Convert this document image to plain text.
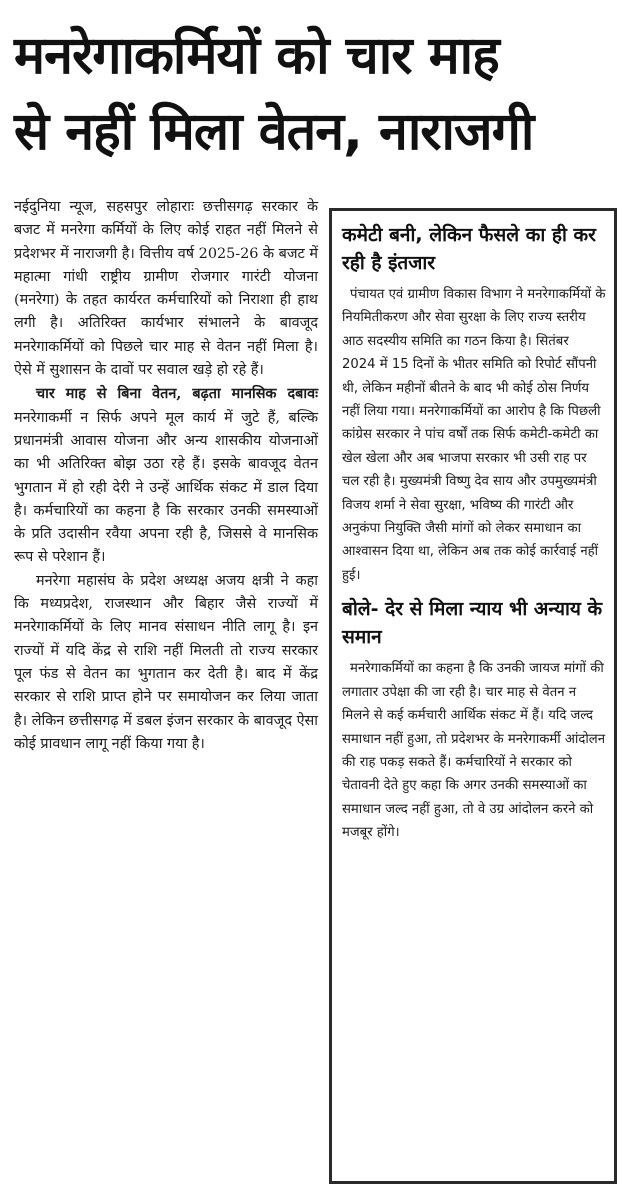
मनरेगाकर्मियों को चार माह
से नहीं मिला वेतन, नाराजगी

नईदुनिया न्यूज, सहसपुर लोहाराः छत्तीसगढ़ सरकार के बजट में मनरेगा कर्मियों के लिए कोई राहत नहीं मिलने से प्रदेशभर में नाराजगी है। वित्तीय वर्ष 2025-26 के बजट में महात्मा गांधी राष्ट्रीय ग्रामीण रोजगार गारंटी योजना (मनरेगा) के तहत कार्यरत कर्मचारियों को निराशा ही हाथ लगी है। अतिरिक्त कार्यभार संभालने के बावजूद मनरेगाकर्मियों को पिछले चार माह से वेतन नहीं मिला है। ऐसे में सुशासन के दावों पर सवाल खड़े हो रहे हैं।

चार माह से बिना वेतन, बढ़ता मानसिक दबावः मनरेगाकर्मी न सिर्फ अपने मूल कार्य में जुटे हैं, बल्कि प्रधानमंत्री आवास योजना और अन्य शासकीय योजनाओं का भी अतिरिक्त बोझ उठा रहे हैं। इसके बावजूद वेतन भुगतान में हो रही देरी ने उन्हें आर्थिक संकट में डाल दिया है। कर्मचारियों का कहना है कि सरकार उनकी समस्याओं के प्रति उदासीन रवैया अपना रही है, जिससे वे मानसिक रूप से परेशान हैं।

मनरेगा महासंघ के प्रदेश अध्यक्ष अजय क्षत्री ने कहा कि मध्यप्रदेश, राजस्थान और बिहार जैसे राज्यों में मनरेगाकर्मियों के लिए मानव संसाधन नीति लागू है। इन राज्यों में यदि केंद्र से राशि नहीं मिलती तो राज्य सरकार पूल फंड से वेतन का भुगतान कर देती है। बाद में केंद्र सरकार से राशि प्राप्त होने पर समायोजन कर लिया जाता है। लेकिन छत्तीसगढ़ में डबल इंजन सरकार के बावजूद ऐसा कोई प्रावधान लागू नहीं किया गया है।

कमेटी बनी, लेकिन फैसले का ही कर रही है इंतजार

पंचायत एवं ग्रामीण विकास विभाग ने मनरेगाकर्मियों के नियमितीकरण और सेवा सुरक्षा के लिए राज्य स्तरीय आठ सदस्यीय समिति का गठन किया है। सितंबर 2024 में 15 दिनों के भीतर समिति को रिपोर्ट सौंपनी थी, लेकिन महीनों बीतने के बाद भी कोई ठोस निर्णय नहीं लिया गया। मनरेगाकर्मियों का आरोप है कि पिछली कांग्रेस सरकार ने पांच वर्षों तक सिर्फ कमेटी-कमेटी का खेल खेला और अब भाजपा सरकार भी उसी राह पर चल रही है। मुख्यमंत्री विष्णु देव साय और उपमुख्यमंत्री विजय शर्मा ने सेवा सुरक्षा, भविष्य की गारंटी और अनुकंपा नियुक्ति जैसी मांगों को लेकर समाधान का आश्वासन दिया था, लेकिन अब तक कोई कार्रवाई नहीं हुई।

बोले- देर से मिला न्याय भी अन्याय के समान

मनरेगाकर्मियों का कहना है कि उनकी जायज मांगों की लगातार उपेक्षा की जा रही है। चार माह से वेतन न मिलने से कई कर्मचारी आर्थिक संकट में हैं। यदि जल्द समाधान नहीं हुआ, तो प्रदेशभर के मनरेगाकर्मी आंदोलन की राह पकड़ सकते हैं। कर्मचारियों ने सरकार को चेतावनी देते हुए कहा कि अगर उनकी समस्याओं का समाधान जल्द नहीं हुआ, तो वे उग्र आंदोलन करने को मजबूर होंगे।
